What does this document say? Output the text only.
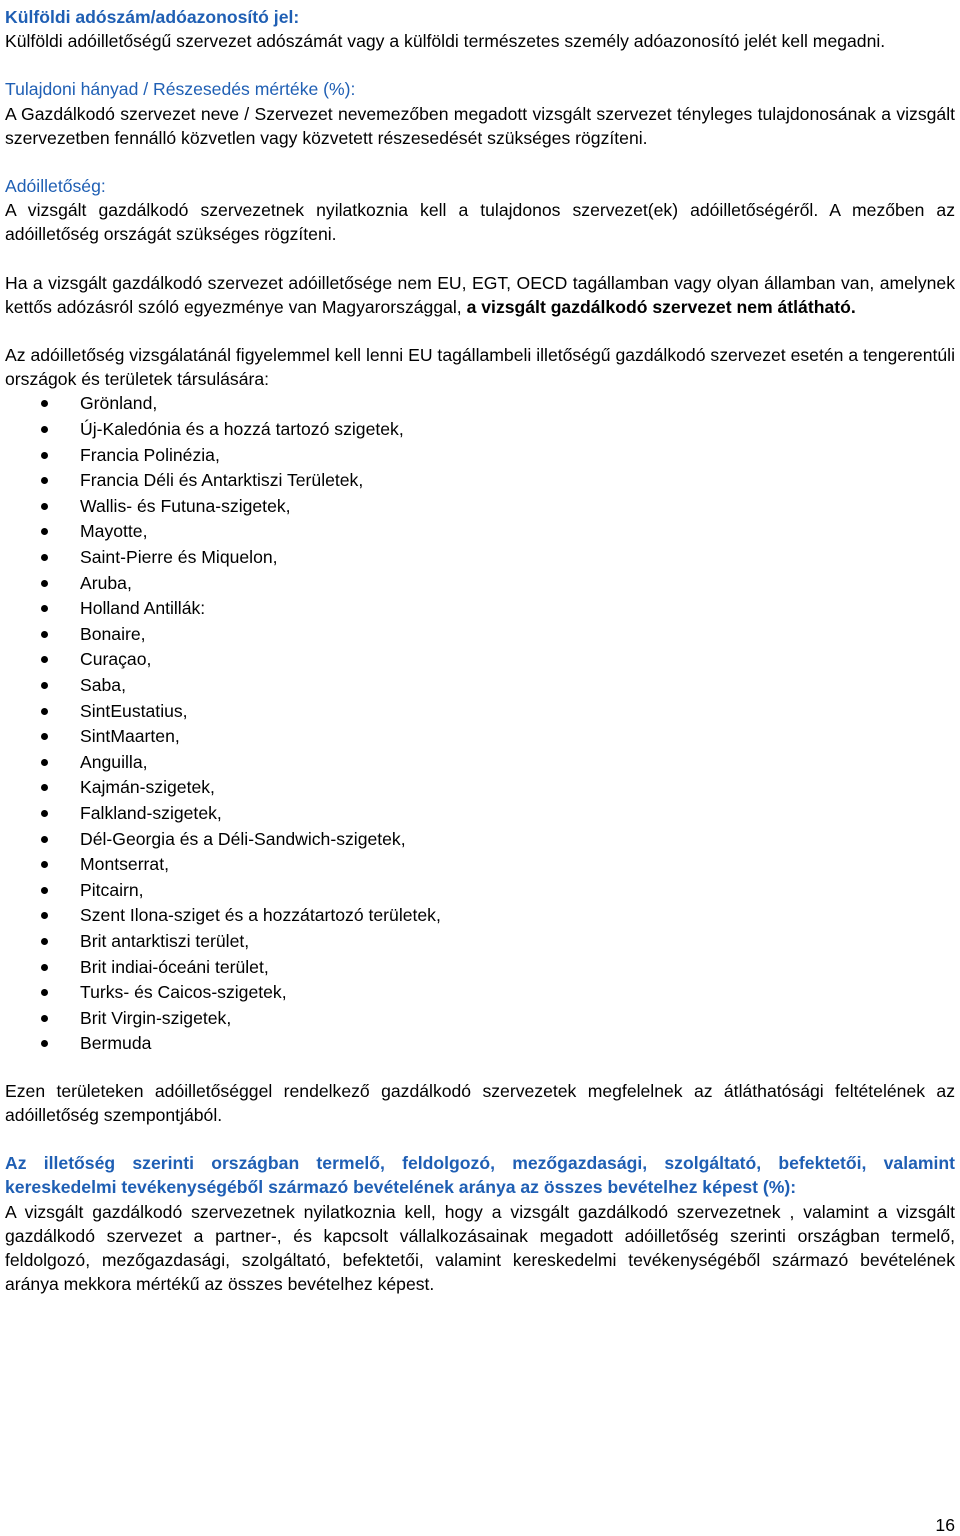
Külföldi adószám/adóazonosító jel:

Külföldi adóilletőségű szervezet adószámát vagy a külföldi természetes személy adóazonosító jelét kell megadni.

Tulajdoni hányad / Részesedés mértéke (%):

A Gazdálkodó szervezet neve / Szervezet nevemezőben megadott vizsgált szervezet tényleges tulajdonosának a vizsgált szervezetben fennálló közvetlen vagy közvetett részesedését szükséges rögzíteni.

Adóilletőség:

A vizsgált gazdálkodó szervezetnek nyilatkoznia kell a tulajdonos szervezet(ek) adóilletőségéről. A mezőben az adóilletőség országát szükséges rögzíteni.

Ha a vizsgált gazdálkodó szervezet adóilletősége nem EU, EGT, OECD tagállamban vagy olyan államban van, amelynek kettős adózásról szóló egyezménye van Magyarországgal, a vizsgált gazdálkodó szervezet nem átlátható.

Az adóilletőség vizsgálatánál figyelemmel kell lenni EU tagállambeli illetőségű gazdálkodó szervezet esetén a tengerentúli országok és területek társulására:

Grönland,
Új-Kaledónia és a hozzá tartozó szigetek,
Francia Polinézia,
Francia Déli és Antarktiszi Területek,
Wallis- és Futuna-szigetek,
Mayotte,
Saint-Pierre és Miquelon,
Aruba,
Holland Antillák:
Bonaire,
Curaçao,
Saba,
SintEustatius,
SintMaarten,
Anguilla,
Kajmán-szigetek,
Falkland-szigetek,
Dél-Georgia és a Déli-Sandwich-szigetek,
Montserrat,
Pitcairn,
Szent Ilona-sziget és a hozzátartozó területek,
Brit antarktiszi terület,
Brit indiai-óceáni terület,
Turks- és Caicos-szigetek,
Brit Virgin-szigetek,
Bermuda

Ezen területeken adóilletőséggel rendelkező gazdálkodó szervezetek megfelelnek az átláthatósági feltételének az adóilletőség szempontjából.

Az illetőség szerinti országban termelő, feldolgozó, mezőgazdasági, szolgáltató, befektetői, valamint kereskedelmi tevékenységéből származó bevételének aránya az összes bevételhez képest (%):

A vizsgált gazdálkodó szervezetnek nyilatkoznia kell, hogy a vizsgált gazdálkodó szervezetnek , valamint a vizsgált gazdálkodó szervezet a partner-, és kapcsolt vállalkozásainak megadott adóilletőség szerinti országban termelő, feldolgozó, mezőgazdasági, szolgáltató, befektetői, valamint kereskedelmi tevékenységéből származó bevételének aránya mekkora mértékű az összes bevételhez képest.

16
